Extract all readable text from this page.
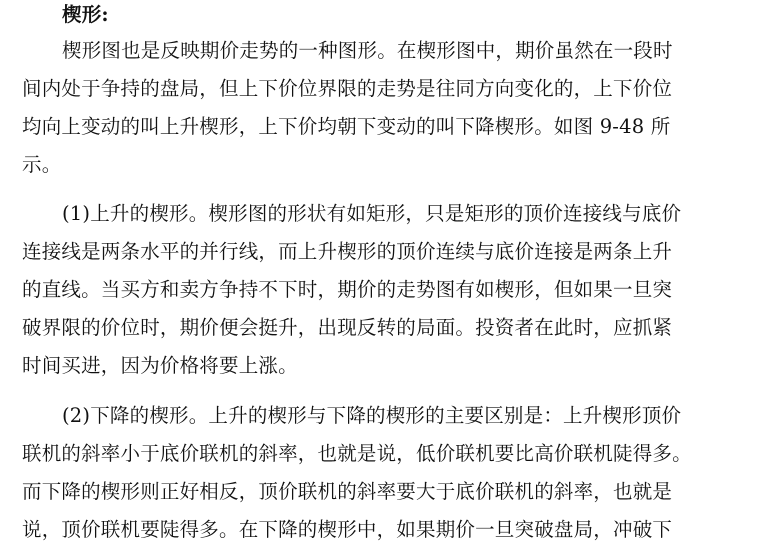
楔形:
楔形图也是反映期价走势的一种图形。在楔形图中，期价虽然在一段时
间内处于争持的盘局，但上下价位界限的走势是往同方向变化的，上下价位
均向上变动的叫上升楔形，上下价均朝下变动的叫下降楔形。如图 9-48 所
示。
(1)上升的楔形。楔形图的形状有如矩形，只是矩形的顶价连接线与底价
连接线是两条水平的并行线，而上升楔形的顶价连续与底价连接是两条上升
的直线。当买方和卖方争持不下时，期价的走势图有如楔形，但如果一旦突
破界限的价位时，期价便会挺升，出现反转的局面。投资者在此时，应抓紧
时间买进，因为价格将要上涨。
(2)下降的楔形。上升的楔形与下降的楔形的主要区别是：上升楔形顶价
联机的斜率小于底价联机的斜率，也就是说，低价联机要比高价联机陡得多。
而下降的楔形则正好相反，顶价联机的斜率要大于底价联机的斜率，也就是
说，顶价联机要陡得多。在下降的楔形中，如果期价一旦突破盘局，冲破下
